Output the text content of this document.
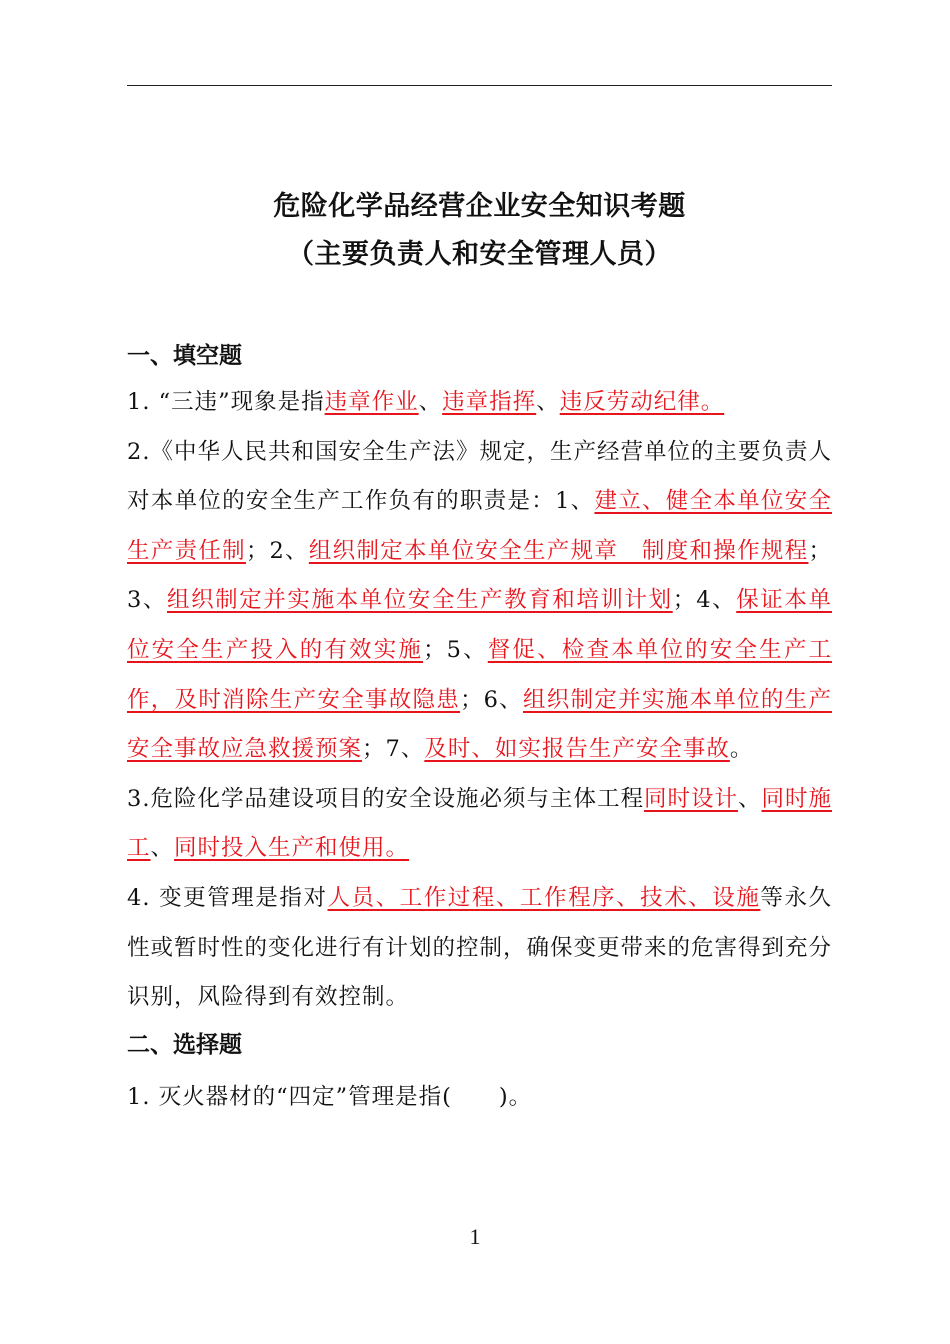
危险化学品经营企业安全知识考题
（主要负责人和安全管理人员）
一、填空题

1. “三违”现象是指违章作业、违章指挥、违反劳动纪律。

2.《中华人民共和国安全生产法》规定，生产经营单位的主要负责人对本单位的安全生产工作负有的职责是：1、建立、健全本单位安全生产责任制；2、组织制定本单位安全生产规章　制度和操作规程；3、组织制定并实施本单位安全生产教育和培训计划；4、保证本单位安全生产投入的有效实施；5、督促、检查本单位的安全生产工作，及时消除生产安全事故隐患；6、组织制定并实施本单位的生产安全事故应急救援预案；7、及时、如实报告生产安全事故。

3.危险化学品建设项目的安全设施必须与主体工程同时设计、同时施工、同时投入生产和使用。

4. 变更管理是指对人员、工作过程、工作程序、技术、设施等永久性或暂时性的变化进行有计划的控制，确保变更带来的危害得到充分识别，风险得到有效控制。

二、选择题

1. 灭火器材的“四定”管理是指(　　)。

1
